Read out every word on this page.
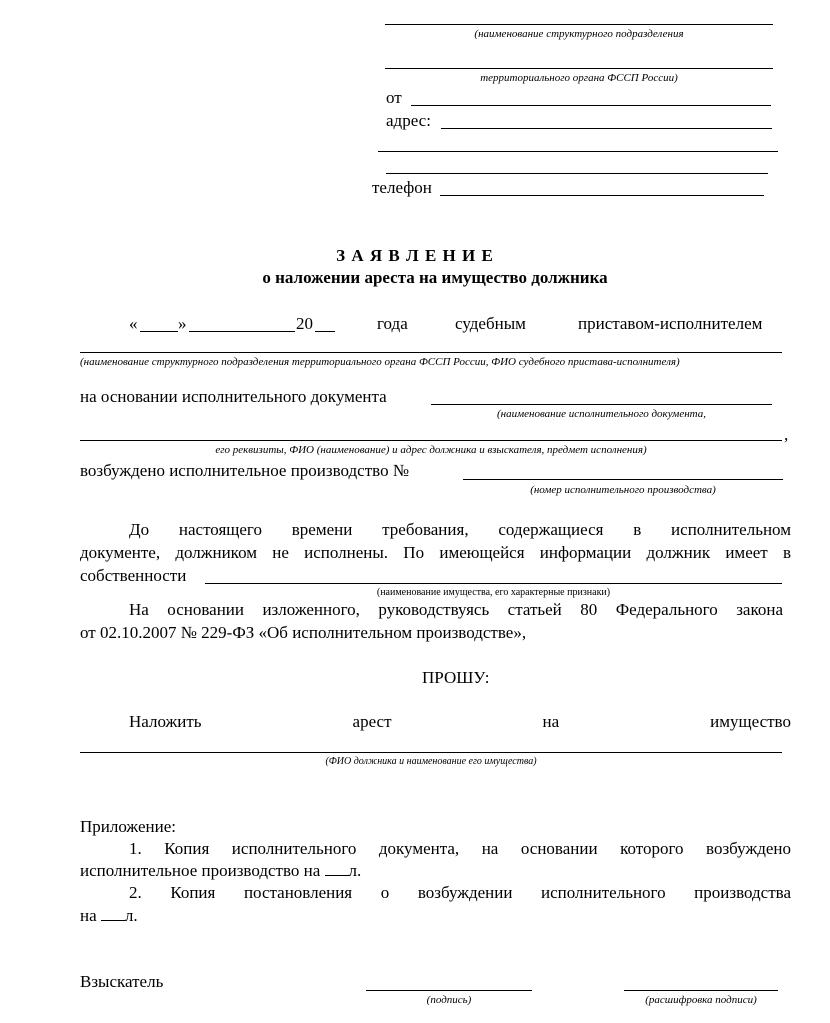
(наименование структурного подразделения
территориального органа ФССП России)
от
адрес:
телефон
З А Я В Л Е Н И Е
о наложении ареста на имущество должника
« »	20	года	судебным	приставом-исполнителем
(наименование структурного подразделения территориального органа ФССП России, ФИО судебного пристава-исполнителя)
на основании исполнительного документа
(наименование исполнительного документа,
,
его реквизиты, ФИО (наименование) и адрес должника и взыскателя, предмет исполнения)
возбуждено исполнительное производство №
(номер исполнительного производства)
До настоящего времени требования, содержащиеся в исполнительном
документе, должником не исполнены. По имеющейся информации должник имеет в
собственности
(наименование имущества, его характерные признаки)
На основании изложенного, руководствуясь статьей 80 Федерального закона
от 02.10.2007 № 229-ФЗ «Об исполнительном производстве»,
ПРОШУ:
Наложить	арест	на	имущество
(ФИО должника и наименование его имущества)
Приложение:
1. Копия исполнительного документа, на основании которого возбуждено
исполнительное производство на л.
2. Копия постановления о возбуждении исполнительного производства
на л.
Взыскатель
(подпись)	(расшифровка подписи)
